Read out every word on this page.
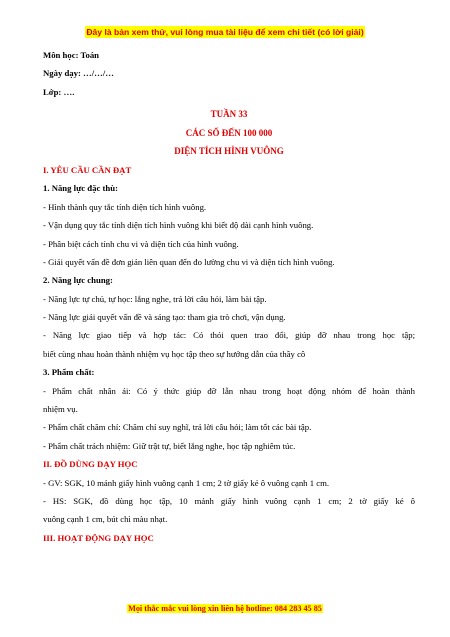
Đây là bản xem thử, vui lòng mua tài liệu để xem chi tiết (có lời giải)
Môn học: Toán
Ngày dạy: …/…/…
Lớp: ….
TUẦN 33
CÁC SỐ ĐẾN 100 000
DIỆN TÍCH HÌNH VUÔNG
I. YÊU CẦU CẦN ĐẠT
1. Năng lực đặc thù:
- Hình thành quy tắc tính diện tích hình vuông.
- Vận dụng quy tắc tính diện tích hình vuông khi biết độ dài cạnh hình vuông.
- Phân biệt cách tính chu vi và diện tích của hình vuông.
- Giải quyết vấn đề đơn giản liên quan đến đo lường chu vi và diện tích hình vuông.
2. Năng lực chung:
- Năng lực tự chủ, tự học: lắng nghe, trả lời câu hỏi, làm bài tập.
- Năng lực giải quyết vấn đề và sáng tạo: tham gia trò chơi, vận dụng.
- Năng lực giao tiếp và hợp tác: Có thói quen trao đổi, giúp đỡ nhau trong học tập;
biết cùng nhau hoàn thành nhiệm vụ học tập theo sự hướng dẫn của thầy cô
3. Phẩm chất:
- Phẩm chất nhân ái: Có ý thức giúp đỡ lẫn nhau trong hoạt động nhóm để hoàn thành
nhiệm vụ.
- Phẩm chất chăm chỉ: Chăm chỉ suy nghĩ, trả lời câu hỏi; làm tốt các bài tập.
- Phẩm chất trách nhiệm: Giữ trật tự, biết lắng nghe, học tập nghiêm túc.
II. ĐỒ DÙNG DẠY HỌC
- GV: SGK, 10 mảnh giấy hình vuông cạnh 1 cm; 2 tờ giấy kẻ ô vuông cạnh 1 cm.
- HS: SGK, đồ dùng học tập, 10 mảnh giấy hình vuông cạnh 1 cm; 2 tờ giấy kẻ ô
vuông cạnh 1 cm, bút chì màu nhạt.
III. HOẠT ĐỘNG DẠY HỌC
Mọi thắc mắc vui lòng xin liên hệ hotline: 084 283 45 85
